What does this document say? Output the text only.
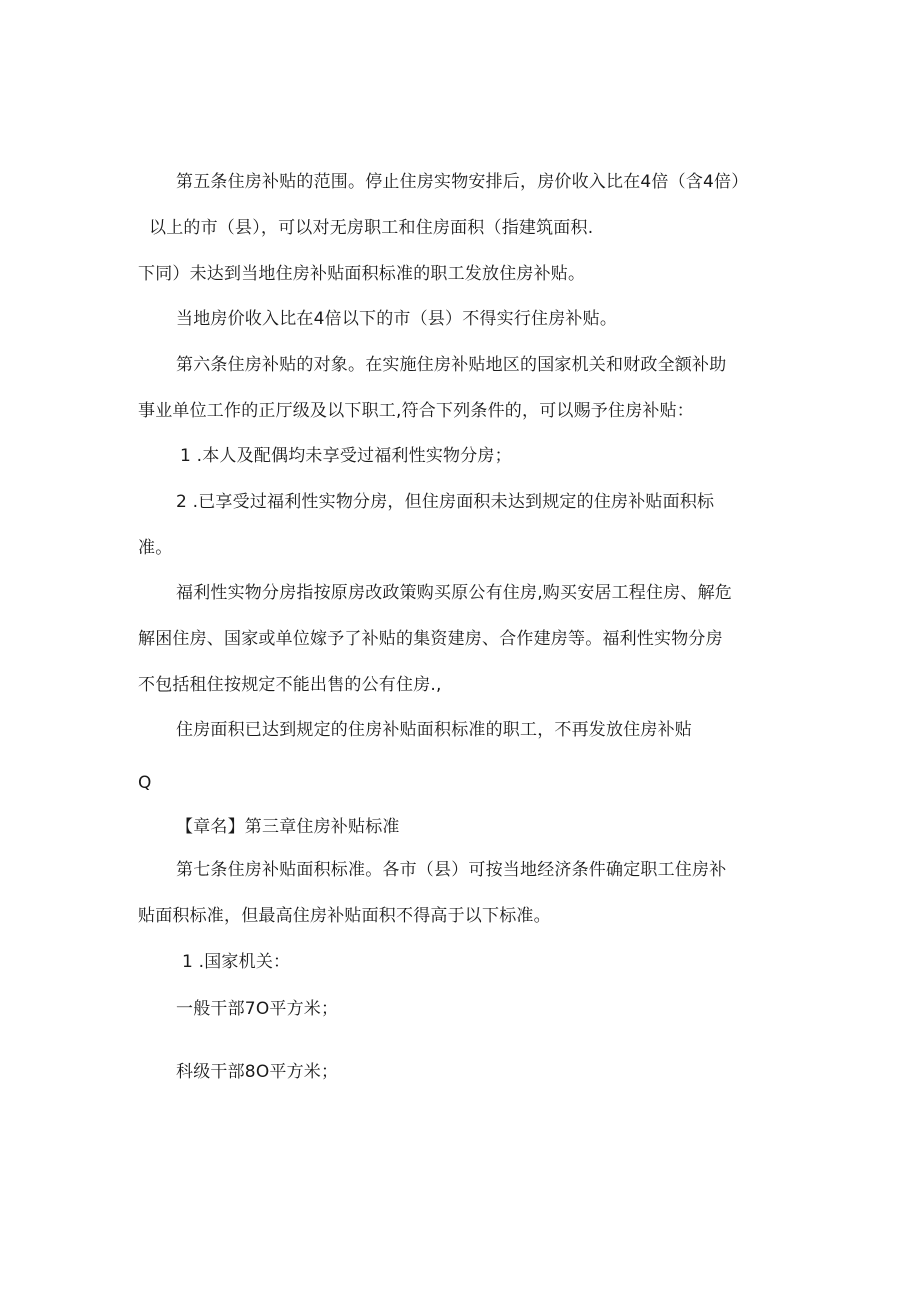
第五条住房补贴的范围。停止住房实物安排后，房价收入比在4倍（含4倍）
以上的市（县），可以对无房职工和住房面积（指建筑面积.
下同）未达到当地住房补贴面积标准的职工发放住房补贴。
当地房价收入比在4倍以下的市（县）不得实行住房补贴。
第六条住房补贴的对象。在实施住房补贴地区的国家机关和财政全额补助
事业单位工作的正厅级及以下职工,符合下列条件的，可以赐予住房补贴：
1 .本人及配偶均未享受过福利性实物分房；
2 .已享受过福利性实物分房，但住房面积未达到规定的住房补贴面积标
准。
福利性实物分房指按原房改政策购买原公有住房,购买安居工程住房、解危
解困住房、国家或单位嫁予了补贴的集资建房、合作建房等。福利性实物分房
不包括租住按规定不能出售的公有住房.,
住房面积已达到规定的住房补贴面积标准的职工，不再发放住房补贴
Q
【章名】第三章住房补贴标准
第七条住房补贴面积标准。各市（县）可按当地经济条件确定职工住房补
贴面积标准，但最高住房补贴面积不得高于以下标准。
1 .国家机关：
一般干部7O平方米；
科级干部8O平方米；
